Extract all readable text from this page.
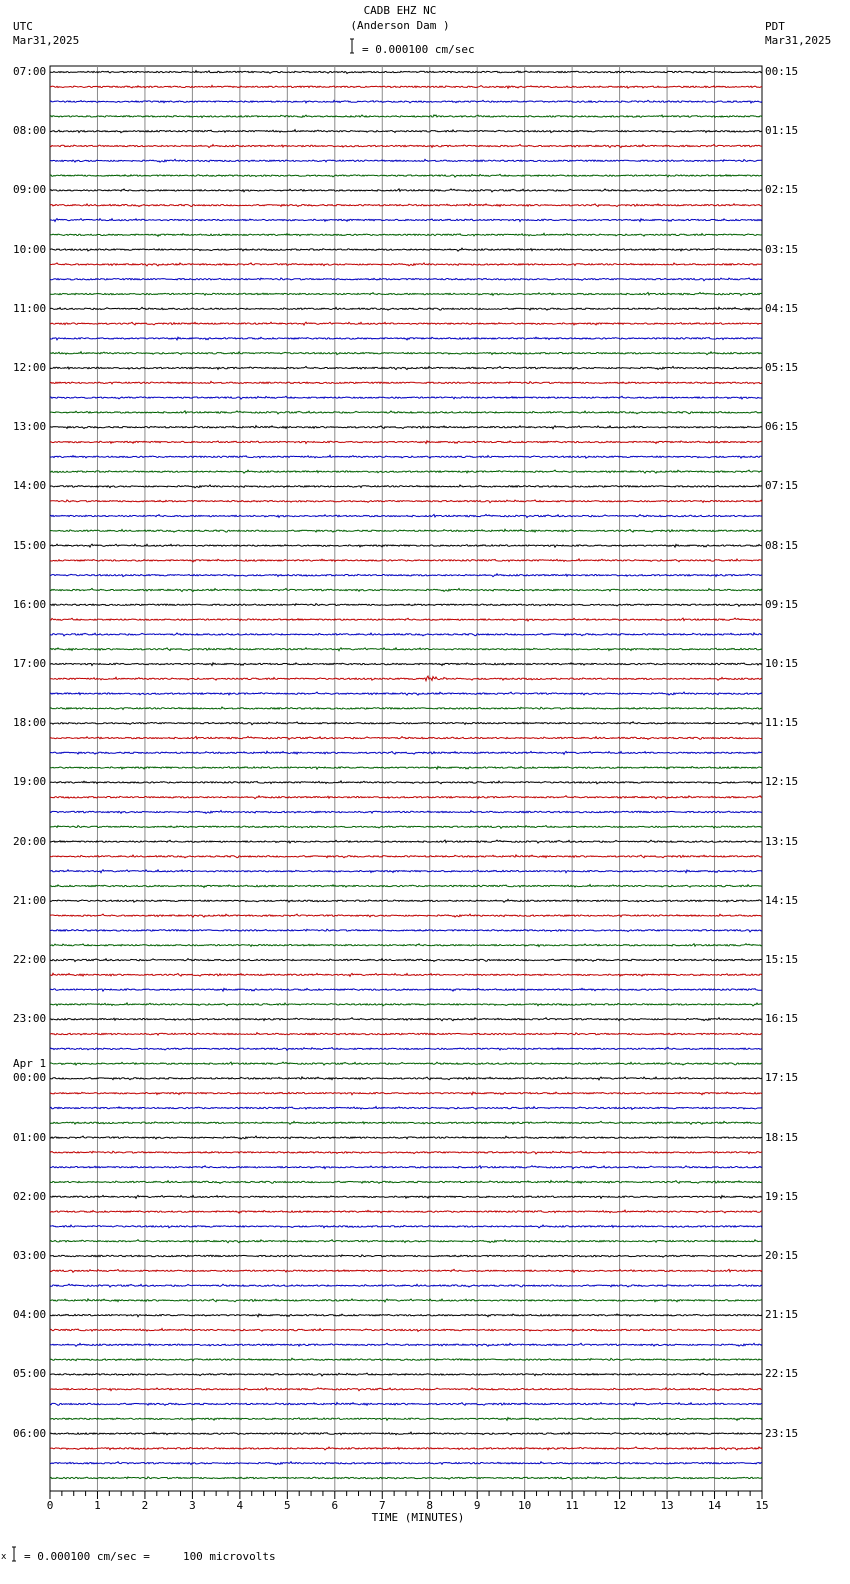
CADB EHZ NC
(Anderson Dam )
= 0.000100 cm/sec
UTC
Mar31,2025
PDT
Mar31,2025
0	1	2	3	4	5	6	7	8	9	10	11	12	13	14	15
07:00
08:00
09:00
10:00
11:00
12:00
13:00
14:00
15:00
16:00
17:00
18:00
19:00
20:00
21:00
22:00
23:00
00:00
Apr 1
01:00
02:00
03:00
04:00
05:00
06:00
00:15
01:15
02:15
03:15
04:15
05:15
06:15
07:15
08:15
09:15
10:15
11:15
12:15
13:15
14:15
15:15
16:15
17:15
18:15
19:15
20:15
21:15
22:15
23:15
TIME (MINUTES)
x = 0.000100 cm/sec =     100 microvolts
